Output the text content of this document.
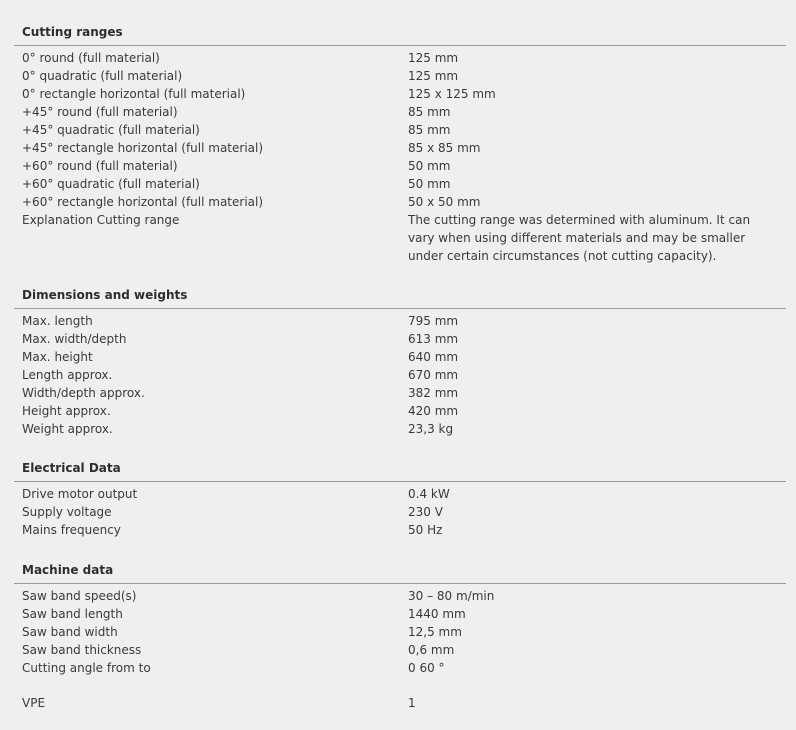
Cutting ranges
0° round (full material)	125 mm
0° quadratic (full material)	125 mm
0° rectangle horizontal (full material)	125 x 125 mm
+45° round (full material)	85 mm
+45° quadratic (full material)	85 mm
+45° rectangle horizontal (full material)	85 x 85 mm
+60° round (full material)	50 mm
+60° quadratic (full material)	50 mm
+60° rectangle horizontal (full material)	50 x 50 mm
Explanation Cutting range	The cutting range was determined with aluminum. It can vary when using different materials and may be smaller under certain circumstances (not cutting capacity).
Dimensions and weights
Max. length	795 mm
Max. width/depth	613 mm
Max. height	640 mm
Length approx.	670 mm
Width/depth approx.	382 mm
Height approx.	420 mm
Weight approx.	23,3 kg
Electrical Data
Drive motor output	0.4 kW
Supply voltage	230 V
Mains frequency	50 Hz
Machine data
Saw band speed(s)	30 – 80 m/min
Saw band length	1440 mm
Saw band width	12,5 mm
Saw band thickness	0,6 mm
Cutting angle from to	0 60 °
VPE	1
